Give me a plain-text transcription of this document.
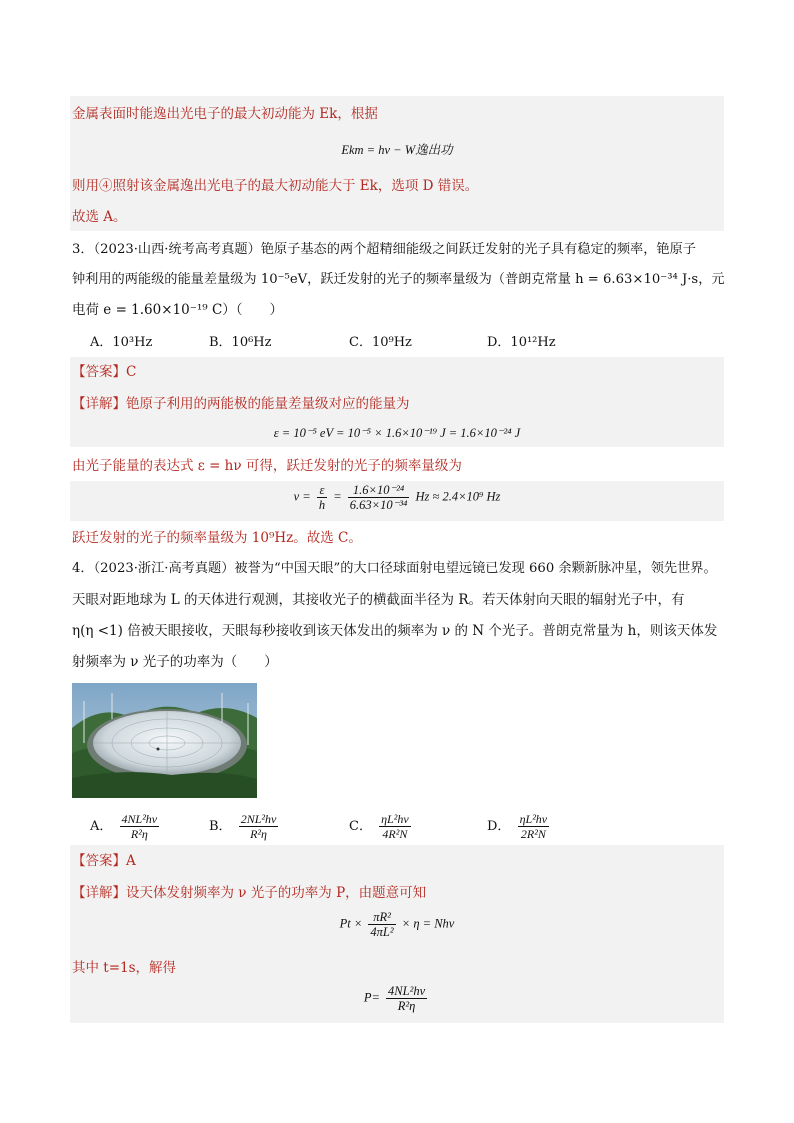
金属表面时能逸出光电子的最大初动能为 Ek，根据
Ekm = hν − W逸出功
则用④照射该金属逸出光电子的最大初动能大于 Ek，选项 D 错误。
故选 A。
3．（2023·山西·统考高考真题）铯原子基态的两个超精细能级之间跃迁发射的光子具有稳定的频率，铯原子
钟利用的两能级的能量差量级为 10⁻⁵eV，跃迁发射的光子的频率量级为（普朗克常量 h = 6.63×10⁻³⁴ J·s，元
电荷 e = 1.60×10⁻¹⁹ C）（　　）
A．10³Hz	B．10⁶Hz	C．10⁹Hz	D．10¹²Hz
【答案】C
【详解】铯原子利用的两能极的能量差量级对应的能量为
ε = 10⁻⁵ eV = 10⁻⁵ × 1.6×10⁻¹⁹ J = 1.6×10⁻²⁴ J
由光子能量的表达式 ε = hν 可得，跃迁发射的光子的频率量级为
$\nu = \frac{\varepsilon}{h} = \frac{\text{1.6×10⁻²⁴}}{\text{6.63×10⁻³⁴}}$ Hz ≈ 2.4×10⁹ Hz
跃迁发射的光子的频率量级为 10⁹Hz。故选 C。
4．（2023·浙江·高考真题）被誉为“中国天眼”的大口径球面射电望远镜已发现 660 余颗新脉冲星，领先世界。
天眼对距地球为 L 的天体进行观测，其接收光子的横截面半径为 R。若天体射向天眼的辐射光子中，有
η(η <1) 倍被天眼接收，天眼每秒接收到该天体发出的频率为 ν 的 N 个光子。普朗克常量为 h，则该天体发
射频率为 ν 光子的功率为（　　）
A． $\frac{\text{4NL²hν}}{\text{R²η}}$	B． $\frac{\text{2NL²hν}}{\text{R²η}}$	C． $\frac{\text{ηL²hν}}{\text{4R²N}}$	D． $\frac{\text{ηL²hν}}{\text{2R²N}}$
【答案】A
【详解】设天体发射频率为 ν 光子的功率为 P，由题意可知
$Pt \times \frac{\text{πR²}}{\text{4πL²}} \times \eta = Nh\nu$
其中 t=1s，解得
$P= \frac{\text{4NL²hν}}{\text{R²η}}$
